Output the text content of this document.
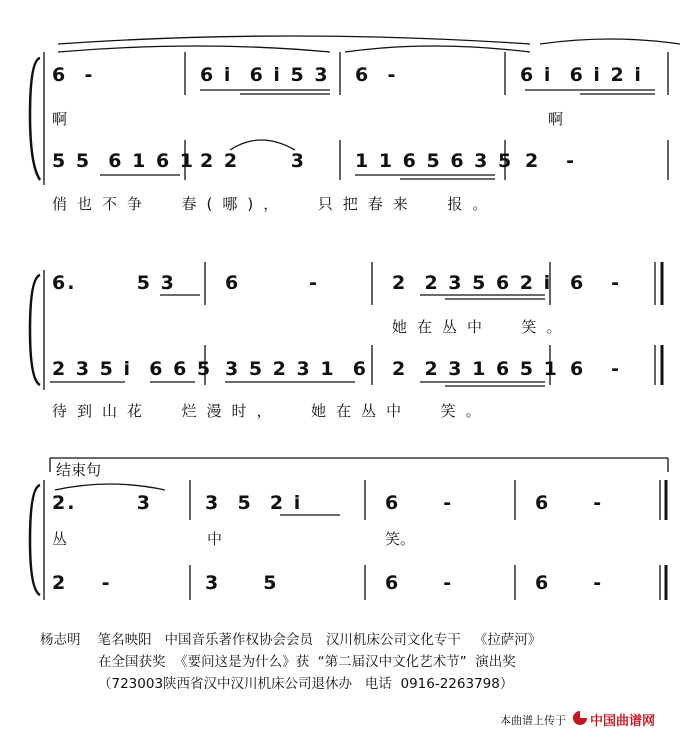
6  -	6 i  6 i 5 3 6  -	6 i  6 i 2 i
啊	啊
5 5  6 1 6 1 2 2      3	1 1 6 5 6 3 5 2   -
俏也不争  春(哪)，  只把春来  报。
6.       5 3	6        -	2  2 3 5 6 2 i 6   -
她在丛中  笑。
2 3 5 i  6 6 5 3 5 2 3 1  6 2  2 3 1 6 5 1 6   -
待到山花  烂漫时，  她在丛中  笑。
结束句
2.       3	3  5  2 i	6     -	6     -
丛	中	笑。
2    -	3     5	6     -	6     -
杨志明    笔名映阳   中国音乐著作权协会会员   汉川机床公司文化专干   《拉萨河》
在全国获奖  《要问这是为什么》获  “第二届汉中文化艺术节”  演出奖
（723003陕西省汉中汉川机床公司退休办   电话  0916-2263798）
本曲谱上传于 中国曲谱网
